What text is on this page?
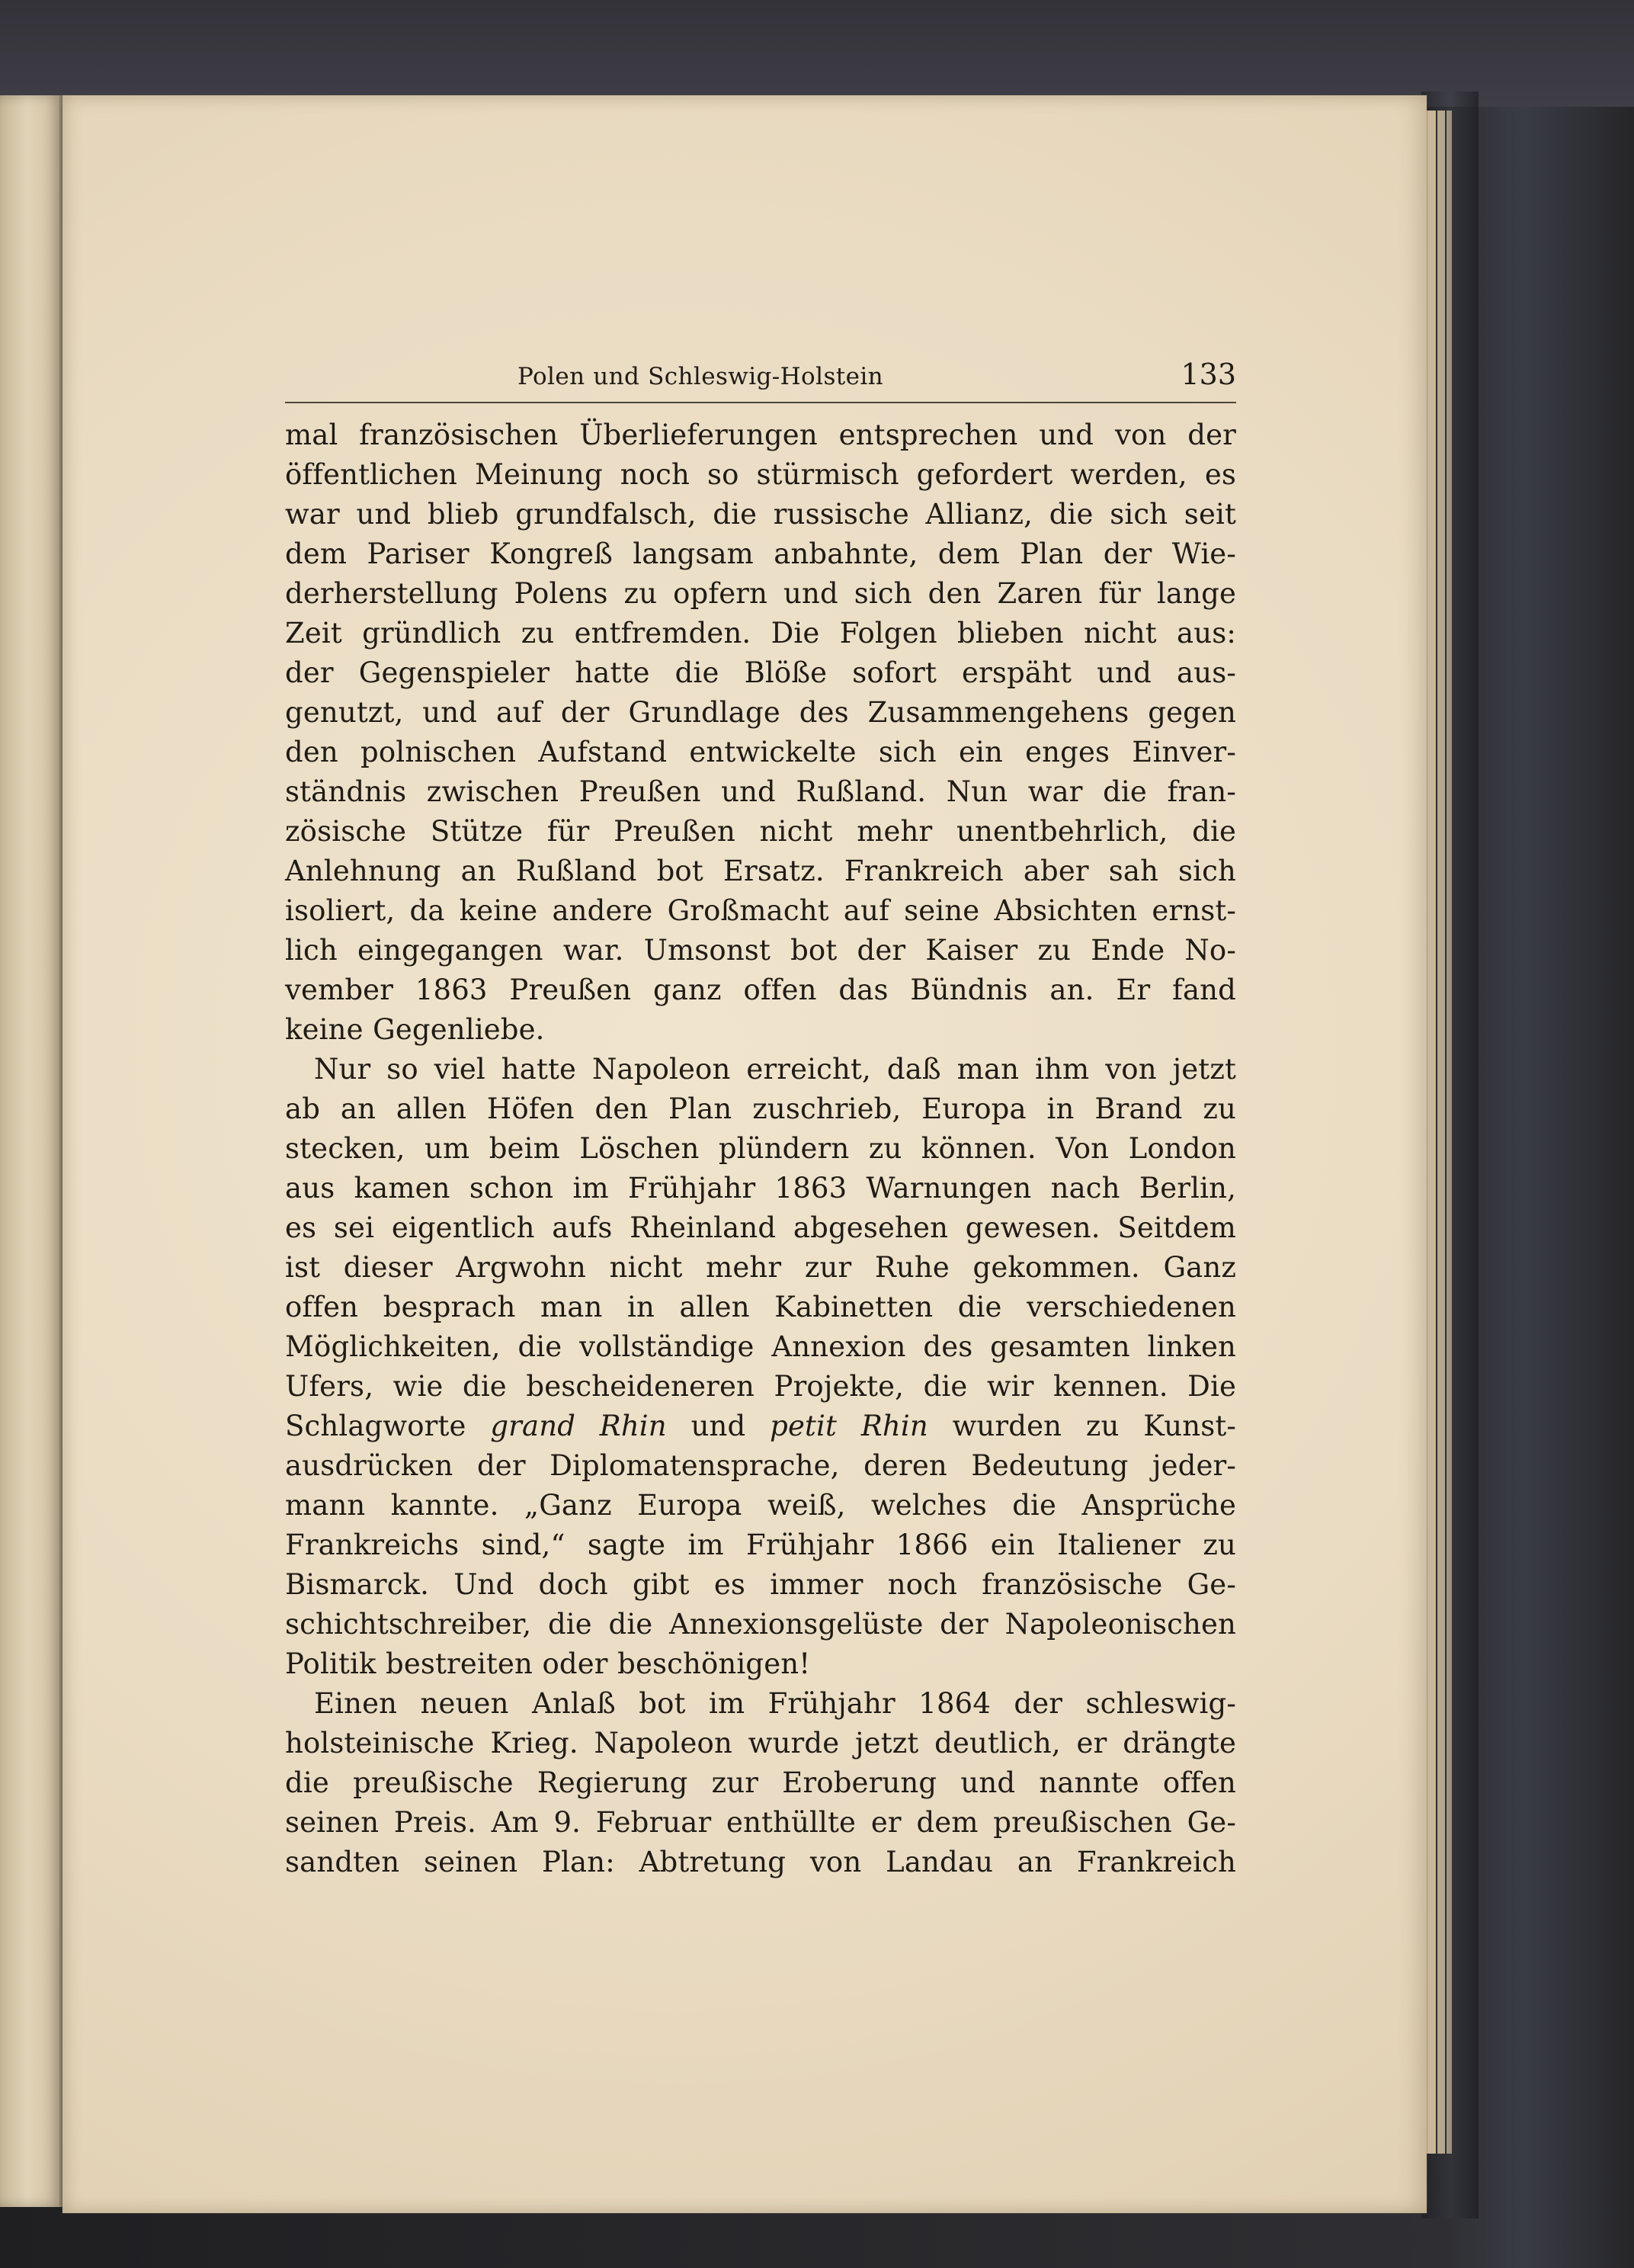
Polen und Schleswig-Holstein	133
mal französischen Überlieferungen entsprechen und von der
öffentlichen Meinung noch so stürmisch gefordert werden, es
war und blieb grundfalsch, die russische Allianz, die sich seit
dem Pariser Kongreß langsam anbahnte, dem Plan der Wie-
derherstellung Polens zu opfern und sich den Zaren für lange
Zeit gründlich zu entfremden. Die Folgen blieben nicht aus:
der Gegenspieler hatte die Blöße sofort erspäht und aus-
genutzt, und auf der Grundlage des Zusammengehens gegen
den polnischen Aufstand entwickelte sich ein enges Einver-
ständnis zwischen Preußen und Rußland. Nun war die fran-
zösische Stütze für Preußen nicht mehr unentbehrlich, die
Anlehnung an Rußland bot Ersatz. Frankreich aber sah sich
isoliert, da keine andere Großmacht auf seine Absichten ernst-
lich eingegangen war. Umsonst bot der Kaiser zu Ende No-
vember 1863 Preußen ganz offen das Bündnis an. Er fand
keine Gegenliebe.
Nur so viel hatte Napoleon erreicht, daß man ihm von jetzt
ab an allen Höfen den Plan zuschrieb, Europa in Brand zu
stecken, um beim Löschen plündern zu können. Von London
aus kamen schon im Frühjahr 1863 Warnungen nach Berlin,
es sei eigentlich aufs Rheinland abgesehen gewesen. Seitdem
ist dieser Argwohn nicht mehr zur Ruhe gekommen. Ganz
offen besprach man in allen Kabinetten die verschiedenen
Möglichkeiten, die vollständige Annexion des gesamten linken
Ufers, wie die bescheideneren Projekte, die wir kennen. Die
Schlagworte grand Rhin und petit Rhin wurden zu Kunst-
ausdrücken der Diplomatensprache, deren Bedeutung jeder-
mann kannte. „Ganz Europa weiß, welches die Ansprüche
Frankreichs sind,“ sagte im Frühjahr 1866 ein Italiener zu
Bismarck. Und doch gibt es immer noch französische Ge-
schichtschreiber, die die Annexionsgelüste der Napoleonischen
Politik bestreiten oder beschönigen!
Einen neuen Anlaß bot im Frühjahr 1864 der schleswig-
holsteinische Krieg. Napoleon wurde jetzt deutlich, er drängte
die preußische Regierung zur Eroberung und nannte offen
seinen Preis. Am 9. Februar enthüllte er dem preußischen Ge-
sandten seinen Plan: Abtretung von Landau an Frankreich
